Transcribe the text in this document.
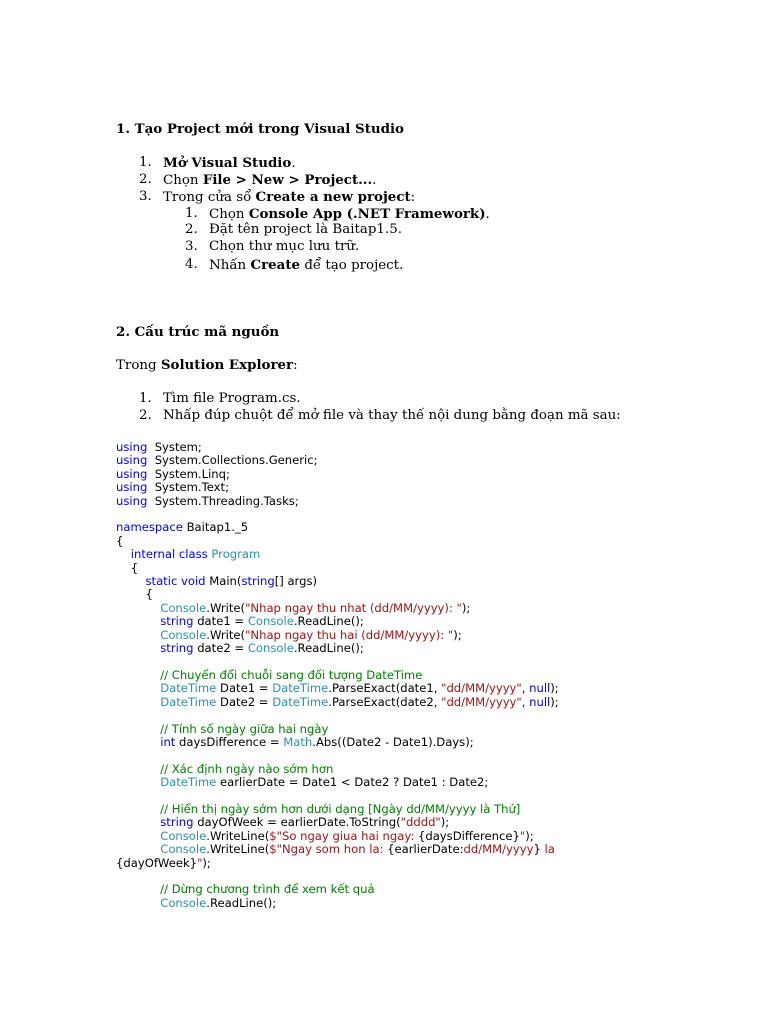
1. Tạo Project mới trong Visual Studio
1. Mở Visual Studio.
2. Chọn File > New > Project....
3. Trong cửa sổ Create a new project:
1. Chọn Console App (.NET Framework).
2. Đặt tên project là Baitap1.5.
3. Chọn thư mục lưu trữ.
4. Nhấn Create để tạo project.
2. Cấu trúc mã nguồn
Trong Solution Explorer:
1. Tìm file Program.cs.
2. Nhấp đúp chuột để mở file và thay thế nội dung bằng đoạn mã sau:
using  System;
using  System.Collections.Generic;
using  System.Linq;
using  System.Text;
using  System.Threading.Tasks;

namespace Baitap1._5
{
internal class Program
{
static void Main(string[] args)
{
Console.Write("Nhap ngay thu nhat (dd/MM/yyyy): ");
string date1 = Console.ReadLine();
Console.Write("Nhap ngay thu hai (dd/MM/yyyy): ");
string date2 = Console.ReadLine();

// Chuyển đổi chuỗi sang đối tượng DateTime
DateTime Date1 = DateTime.ParseExact(date1, "dd/MM/yyyy", null);
DateTime Date2 = DateTime.ParseExact(date2, "dd/MM/yyyy", null);

// Tính số ngày giữa hai ngày
int daysDifference = Math.Abs((Date2 - Date1).Days);

// Xác định ngày nào sớm hơn
DateTime earlierDate = Date1 < Date2 ? Date1 : Date2;

// Hiển thị ngày sớm hơn dưới dạng [Ngày dd/MM/yyyy là Thứ]
string dayOfWeek = earlierDate.ToString("dddd");
Console.WriteLine($"So ngay giua hai ngay: {daysDifference}");
Console.WriteLine($"Ngay som hon la: {earlierDate:dd/MM/yyyy} la
{dayOfWeek}");

// Dừng chương trình để xem kết quả
Console.ReadLine();
